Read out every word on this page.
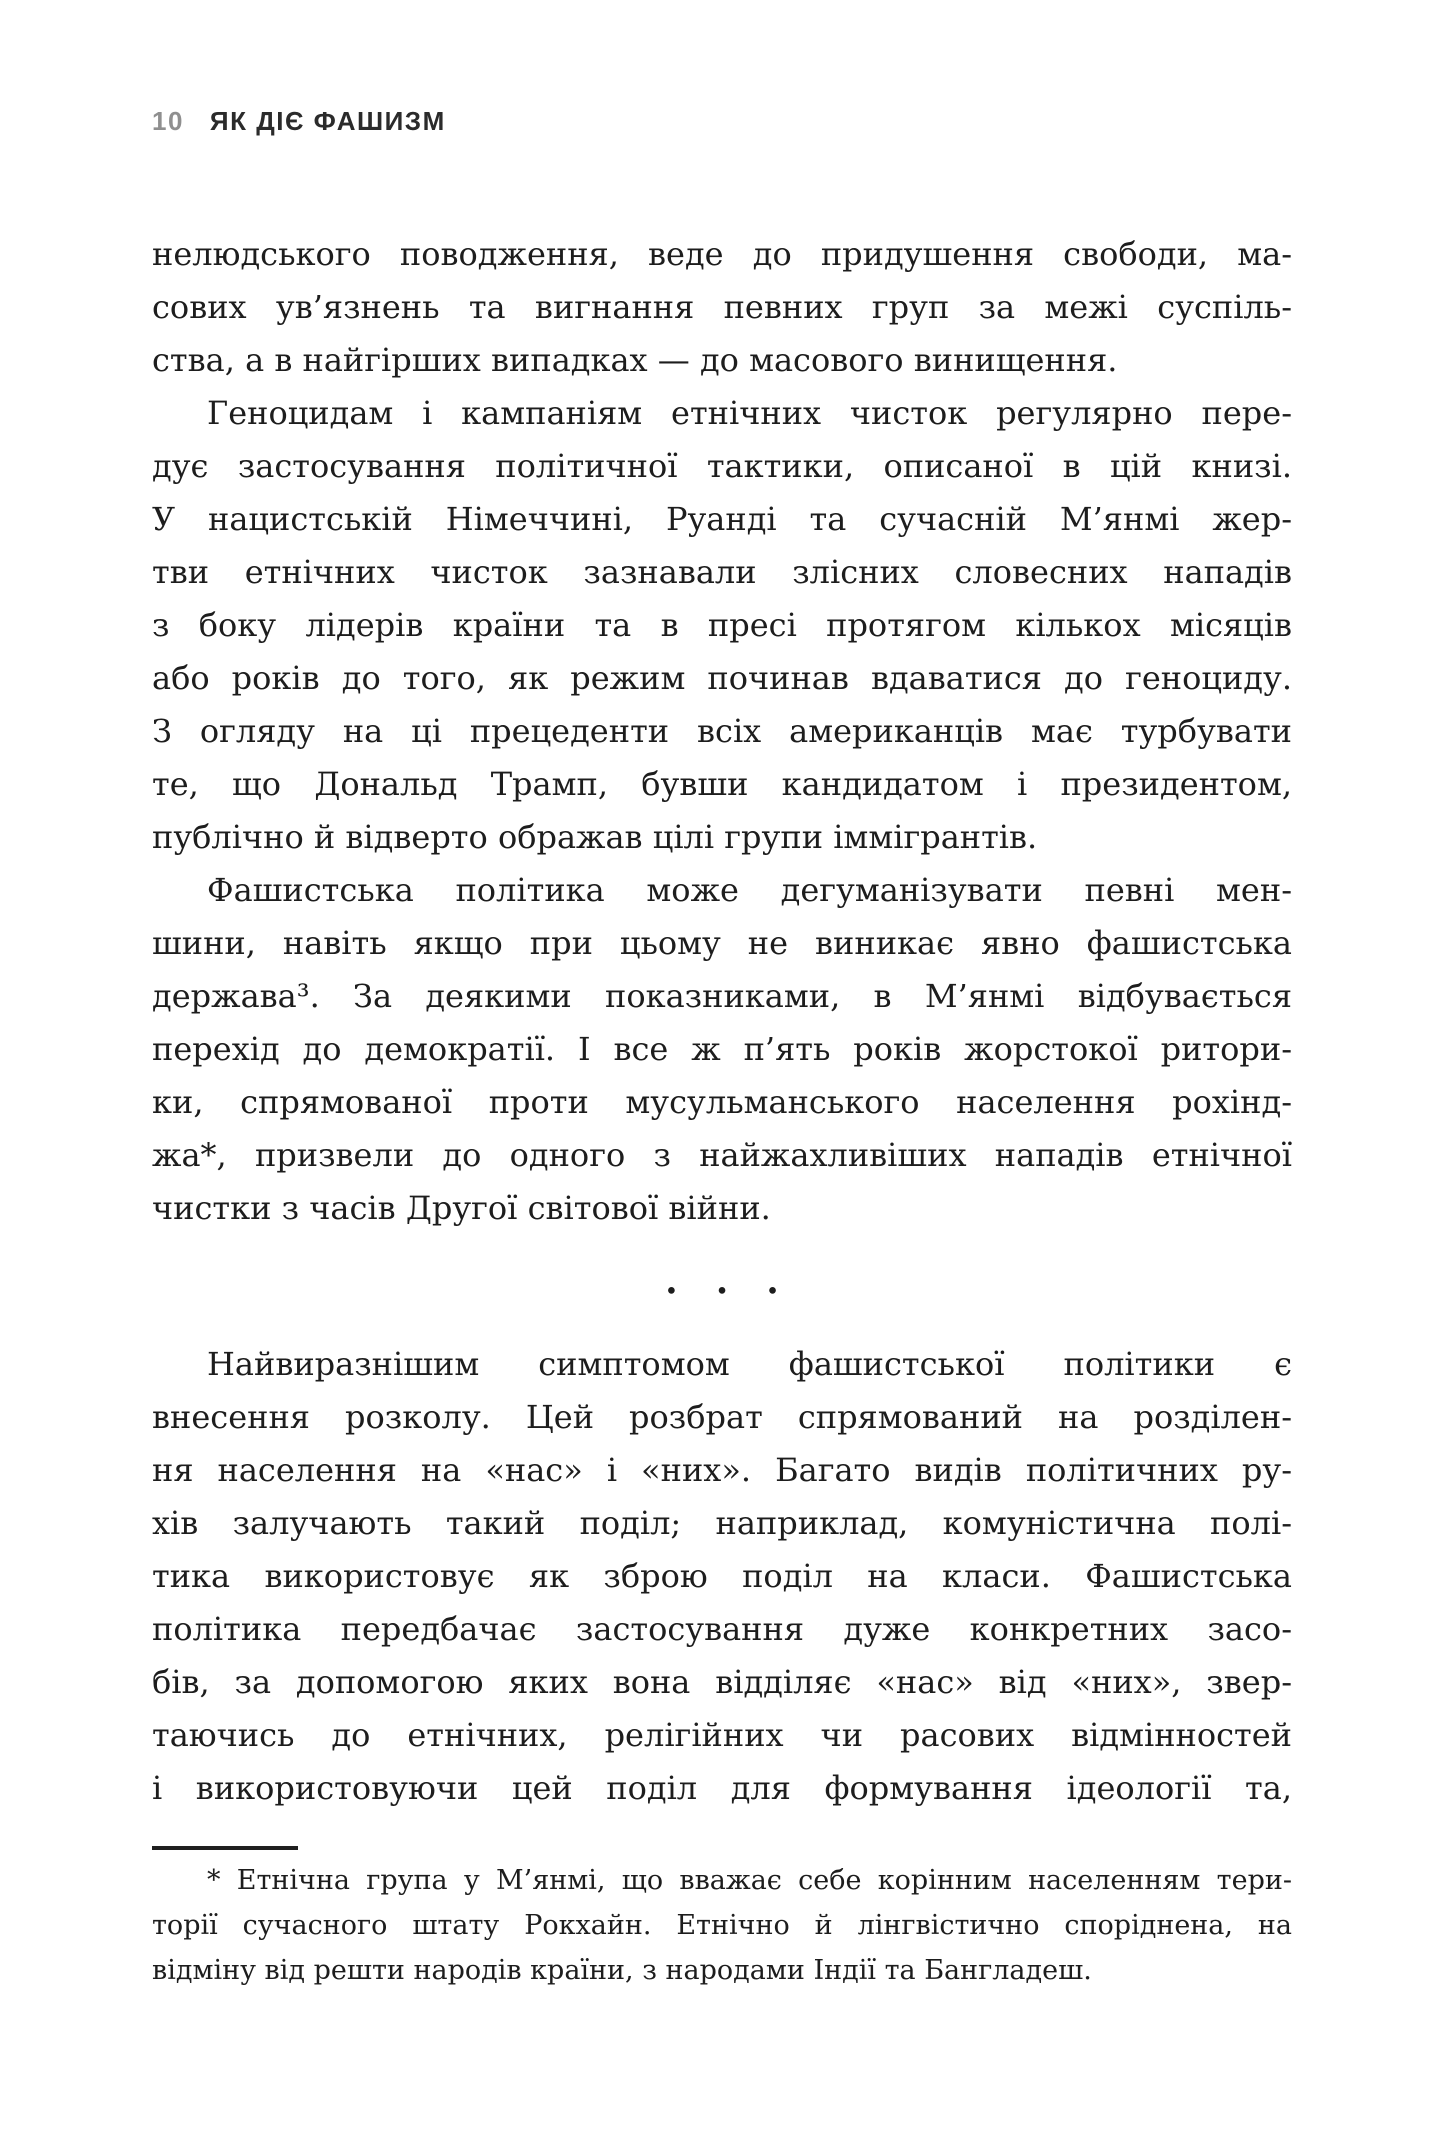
10 ЯК ДІЄ ФАШИЗМ
нелюдського поводження, веде до придушення свободи, ма-
сових ув’язнень та вигнання певних груп за межі суспіль-
ства, а в найгірших випадках — до масового винищення.
Геноцидам і кампаніям етнічних чисток регулярно пере-
дує застосування політичної тактики, описаної в цій книзі.
У нацистській Німеччині, Руанді та сучасній М’янмі жер-
тви етнічних чисток зазнавали злісних словесних нападів
з боку лідерів країни та в пресі протягом кількох місяців
або років до того, як режим починав вдаватися до геноциду.
З огляду на ці прецеденти всіх американців має турбувати
те, що Дональд Трамп, бувши кандидатом і президентом,
публічно й відверто ображав цілі групи іммігрантів.
Фашистська політика може дегуманізувати певні мен-
шини, навіть якщо при цьому не виникає явно фашистська
держава³. За деякими показниками, в М’янмі відбувається
перехід до демократії. І все ж п’ять років жорстокої ритори-
ки, спрямованої проти мусульманського населення рохінд-
жа*, призвели до одного з найжахливіших нападів етнічної
чистки з часів Другої світової війни.
• • •
Найвиразнішим симптомом фашистської політики є
внесення розколу. Цей розбрат спрямований на розділен-
ня населення на «нас» і «них». Багато видів політичних ру-
хів залучають такий поділ; наприклад, комуністична полі-
тика використовує як зброю поділ на класи. Фашистська
політика передбачає застосування дуже конкретних засо-
бів, за допомогою яких вона відділяє «нас» від «них», звер-
таючись до етнічних, релігійних чи расових відмінностей
і використовуючи цей поділ для формування ідеології та,
* Етнічна група у М’янмі, що вважає себе корінним населенням тери-
торії сучасного штату Рокхайн. Етнічно й лінгвістично споріднена, на
відміну від решти народів країни, з народами Індії та Бангладеш.
